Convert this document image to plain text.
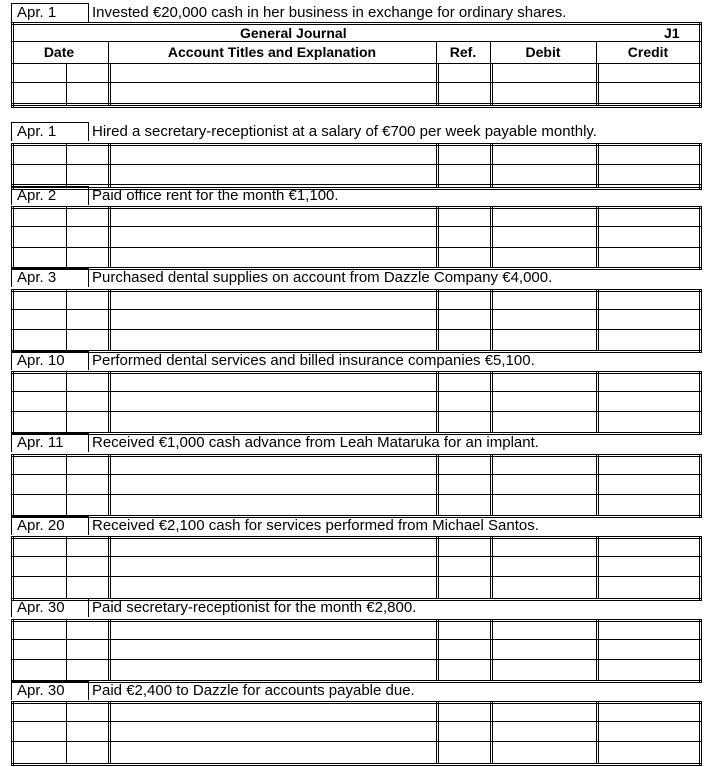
Apr. 1 Invested €20,000 cash in her business in exchange for ordinary shares.
General Journal	J1
Date	Account Titles and Explanation	Ref.	Debit	Credit
Apr. 1 Hired a secretary-receptionist at a salary of €700 per week payable monthly.
Apr. 2 Paid office rent for the month €1,100.
Apr. 3 Purchased dental supplies on account from Dazzle Company €4,000.
Apr. 10 Performed dental services and billed insurance companies €5,100.
Apr. 11 Received €1,000 cash advance from Leah Mataruka for an implant.
Apr. 20 Received €2,100 cash for services performed from Michael Santos.
Apr. 30 Paid secretary-receptionist for the month €2,800.
Apr. 30 Paid €2,400 to Dazzle for accounts payable due.
